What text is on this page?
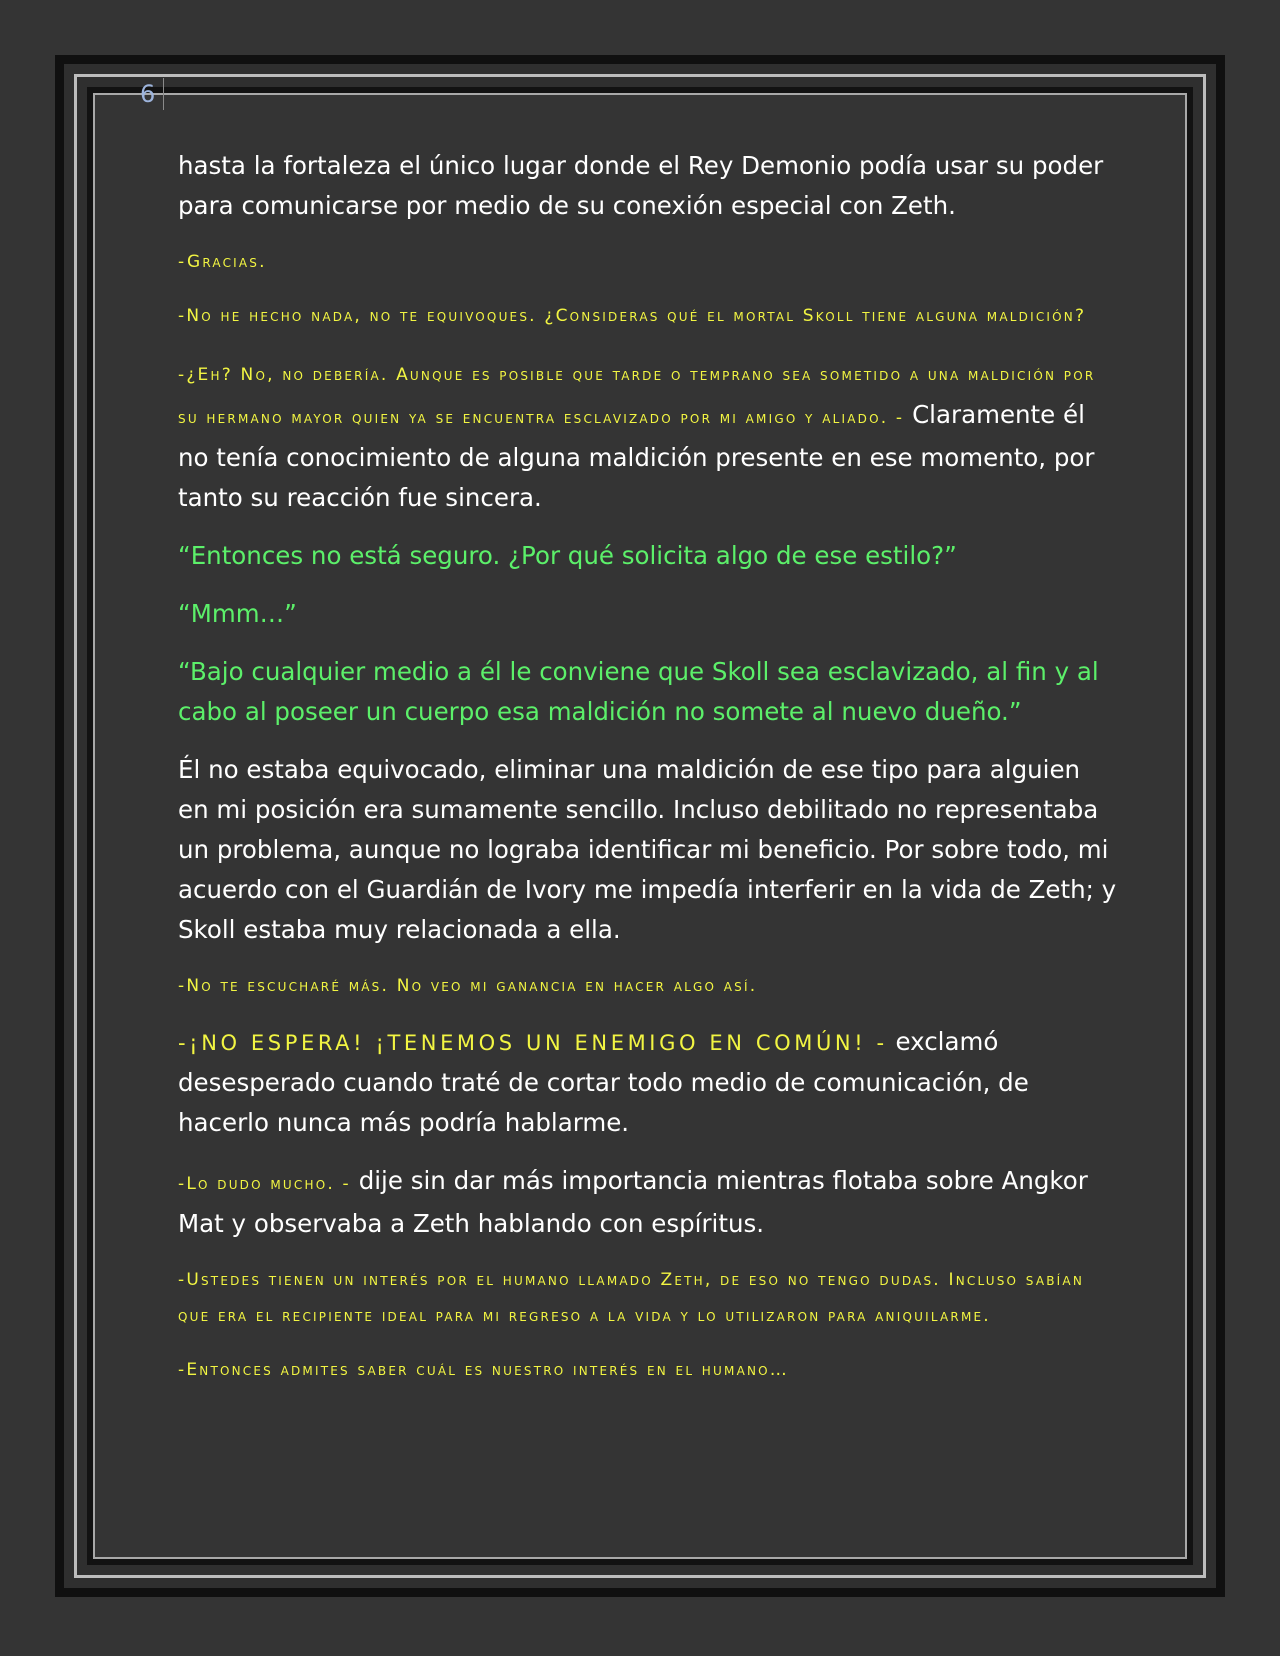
6

hasta la fortaleza el único lugar donde el Rey Demonio podía usar su poder para comunicarse por medio de su conexión especial con Zeth.

-Gracias.

-No he hecho nada, no te equivoques. ¿Consideras qué el mortal Skoll tiene alguna maldición?

-¿Eh? No, no debería. Aunque es posible que tarde o temprano sea sometido a una maldición por su hermano mayor quien ya se encuentra esclavizado por mi amigo y aliado. - Claramente él no tenía conocimiento de alguna maldición presente en ese momento, por tanto su reacción fue sincera.

“Entonces no está seguro. ¿Por qué solicita algo de ese estilo?”

“Mmm…”

“Bajo cualquier medio a él le conviene que Skoll sea esclavizado, al fin y al cabo al poseer un cuerpo esa maldición no somete al nuevo dueño.”

Él no estaba equivocado, eliminar una maldición de ese tipo para alguien en mi posición era sumamente sencillo. Incluso debilitado no representaba un problema, aunque no lograba identificar mi beneficio. Por sobre todo, mi acuerdo con el Guardián de Ivory me impedía interferir en la vida de Zeth; y Skoll estaba muy relacionada a ella.

-No te escucharé más. No veo mi ganancia en hacer algo así.

-¡NO ESPERA! ¡TENEMOS UN ENEMIGO EN COMÚN! - exclamó desesperado cuando traté de cortar todo medio de comunicación, de hacerlo nunca más podría hablarme.

-Lo dudo mucho. - dije sin dar más importancia mientras flotaba sobre Angkor Mat y observaba a Zeth hablando con espíritus.

-Ustedes tienen un interés por el humano llamado Zeth, de eso no tengo dudas. Incluso sabían que era el recipiente ideal para mi regreso a la vida y lo utilizaron para aniquilarme.

-Entonces admites saber cuál es nuestro interés en el humano…
